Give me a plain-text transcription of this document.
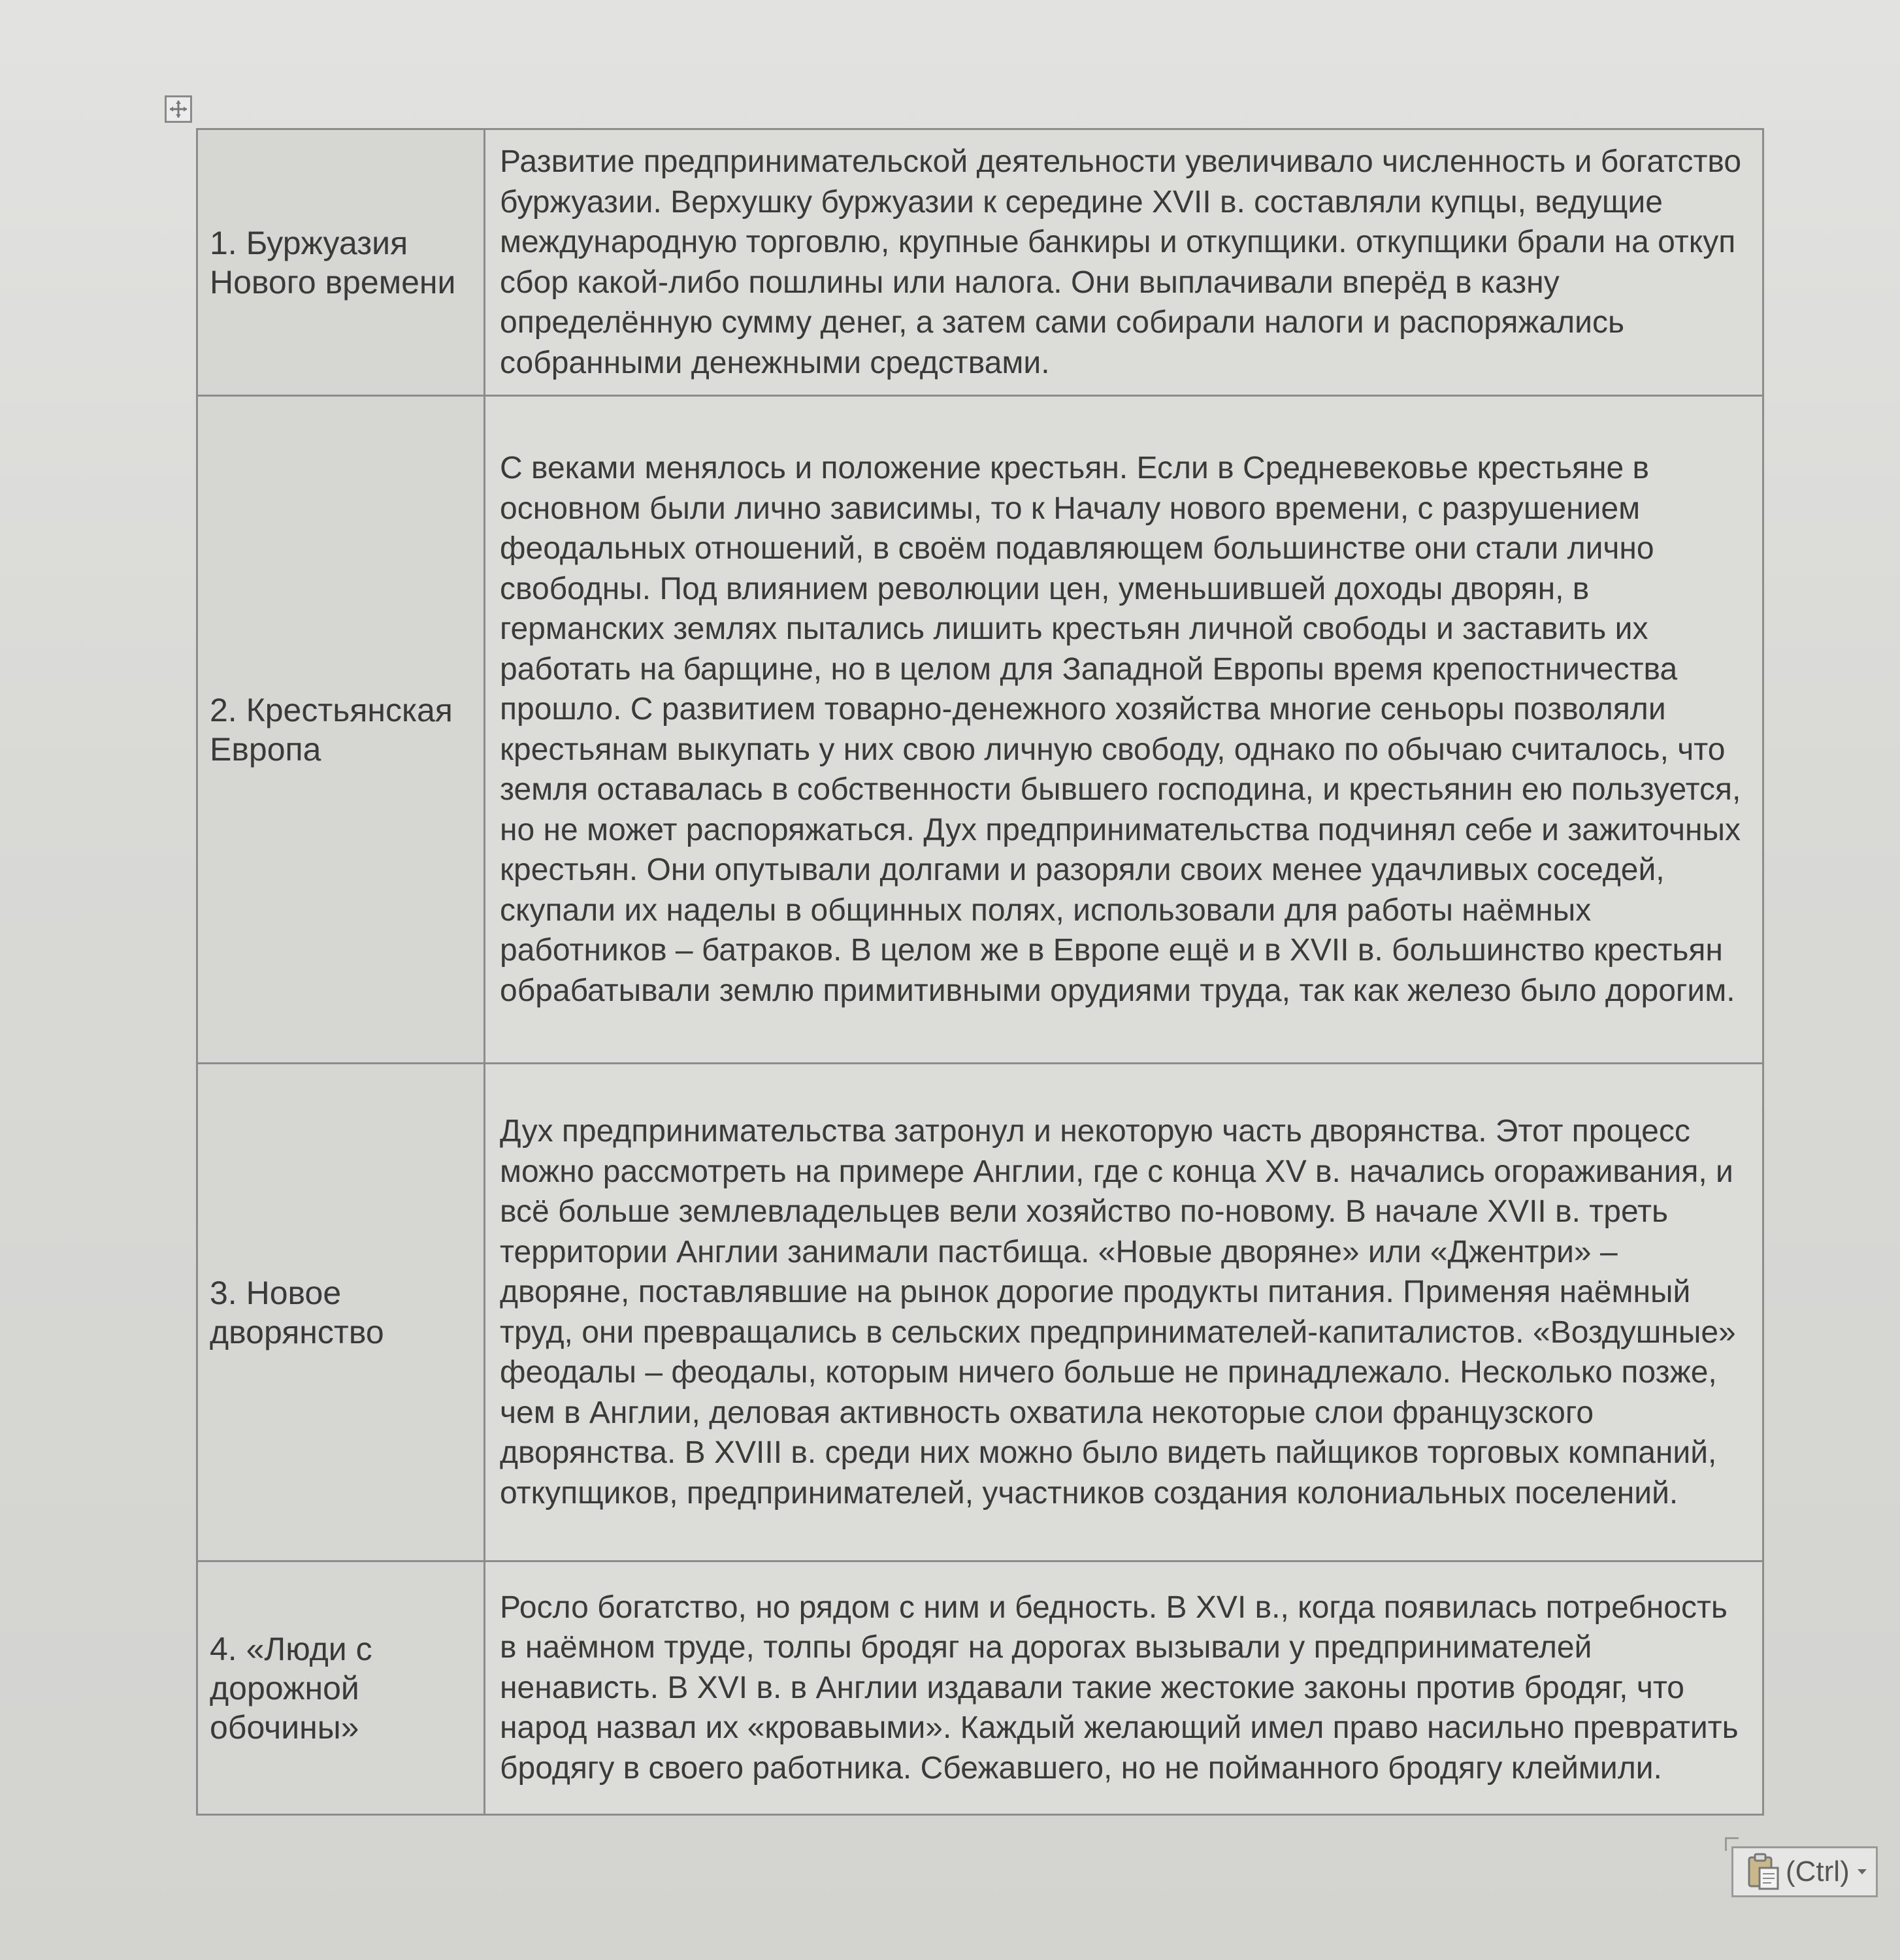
1. Буржуазия Нового времени	Развитие предпринимательской деятельности увеличивало численность и богатство буржуазии. Верхушку буржуазии к середине XVII в. составляли купцы, ведущие международную торговлю, крупные банкиры и откупщики. откупщики брали на откуп сбор какой-либо пошлины или налога. Они выплачивали вперёд в казну определённую сумму денег, а затем сами собирали налоги и распоряжались собранными денежными средствами.
2. Крестьянская Европа	С веками менялось и положение крестьян. Если в Средневековье крестьяне в основном были лично зависимы, то к Началу нового времени, с разрушением феодальных отношений, в своём подавляющем большинстве они стали лично свободны. Под влиянием революции цен, уменьшившей доходы дворян, в германских землях пытались лишить крестьян личной свободы и заставить их работать на барщине, но в целом для Западной Европы время крепостничества прошло. С развитием товарно-денежного хозяйства многие сеньоры позволяли крестьянам выкупать у них свою личную свободу, однако по обычаю считалось, что земля оставалась в собственности бывшего господина, и крестьянин ею пользуется, но не может распоряжаться. Дух предпринимательства подчинял себе и зажиточных крестьян. Они опутывали долгами и разоряли своих менее удачливых соседей, скупали их наделы в общинных полях, использовали для работы наёмных работников – батраков. В целом же в Европе ещё и в XVII в. большинство крестьян обрабатывали землю примитивными орудиями труда, так как железо было дорогим.
3. Новое дворянство	Дух предпринимательства затронул и некоторую часть дворянства. Этот процесс можно рассмотреть на примере Англии, где с конца XV в. начались огораживания, и всё больше землевладельцев вели хозяйство по-новому. В начале XVII в. треть территории Англии занимали пастбища. «Новые дворяне» или «Джентри» – дворяне, поставлявшие на рынок дорогие продукты питания. Применяя наёмный труд, они превращались в сельских предпринимателей-капиталистов. «Воздушные» феодалы – феодалы, которым ничего больше не принадлежало. Несколько позже, чем в Англии, деловая активность охватила некоторые слои французского дворянства. В XVIII в. среди них можно было видеть пайщиков торговых компаний, откупщиков, предпринимателей, участников создания колониальных поселений.
4. «Люди с дорожной обочины»	Росло богатство, но рядом с ним и бедность. В XVI в., когда появилась потребность в наёмном труде, толпы бродяг на дорогах вызывали у предпринимателей ненависть. В XVI в. в Англии издавали такие жестокие законы против бродяг, что народ назвал их «кровавыми». Каждый желающий имел право насильно превратить бродягу в своего работника. Сбежавшего, но не пойманного бродягу клеймили.
(Ctrl)
